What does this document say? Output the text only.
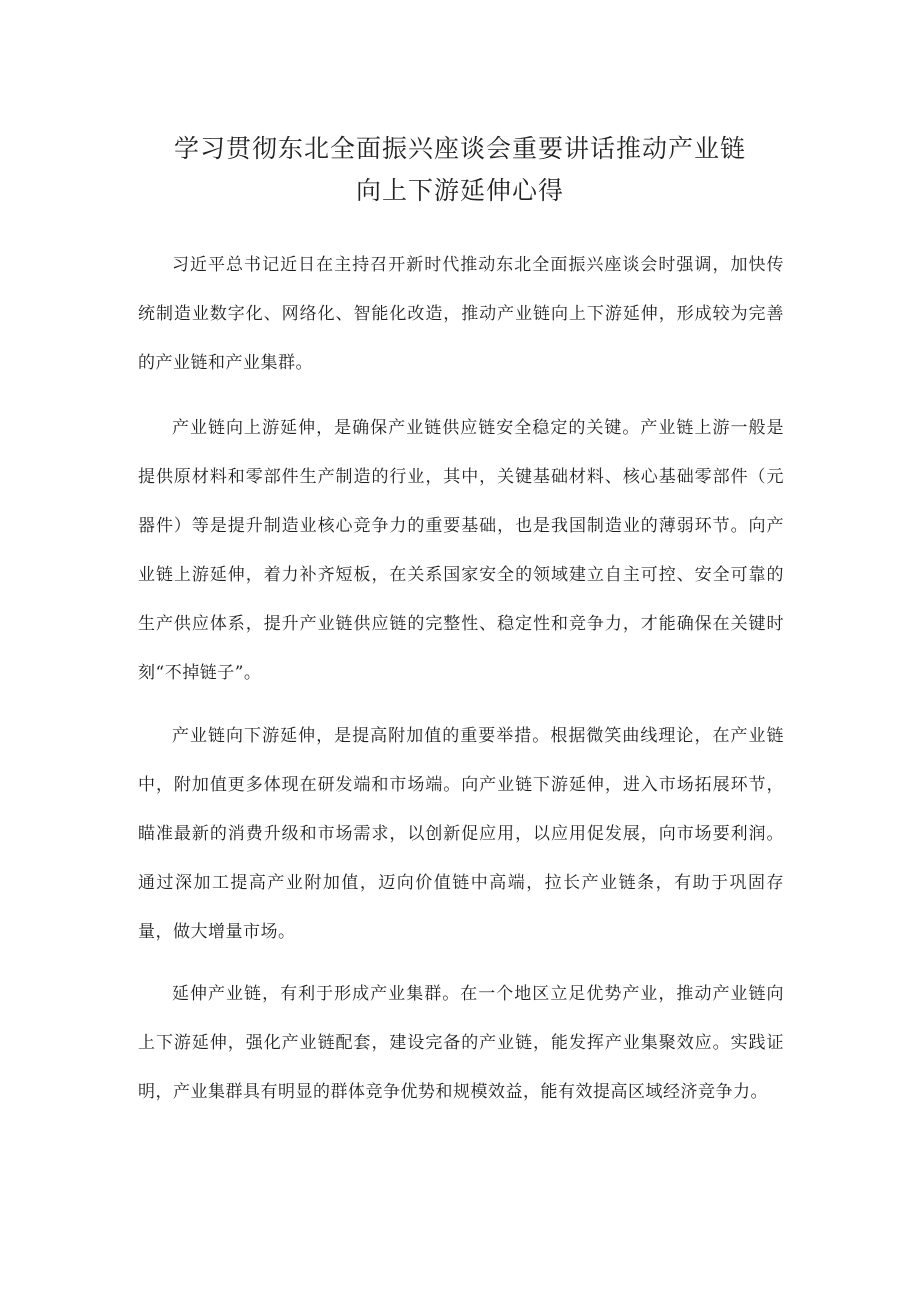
学习贯彻东北全面振兴座谈会重要讲话推动产业链
向上下游延伸心得
习近平总书记近日在主持召开新时代推动东北全面振兴座谈会时强调，加快传统制造业数字化、网络化、智能化改造，推动产业链向上下游延伸，形成较为完善的产业链和产业集群。
产业链向上游延伸，是确保产业链供应链安全稳定的关键。产业链上游一般是提供原材料和零部件生产制造的行业，其中，关键基础材料、核心基础零部件（元器件）等是提升制造业核心竞争力的重要基础，也是我国制造业的薄弱环节。向产业链上游延伸，着力补齐短板，在关系国家安全的领域建立自主可控、安全可靠的生产供应体系，提升产业链供应链的完整性、稳定性和竞争力，才能确保在关键时刻“不掉链子”。
产业链向下游延伸，是提高附加值的重要举措。根据微笑曲线理论，在产业链中，附加值更多体现在研发端和市场端。向产业链下游延伸，进入市场拓展环节，瞄准最新的消费升级和市场需求，以创新促应用，以应用促发展，向市场要利润。通过深加工提高产业附加值，迈向价值链中高端，拉长产业链条，有助于巩固存量，做大增量市场。
延伸产业链，有利于形成产业集群。在一个地区立足优势产业，推动产业链向上下游延伸，强化产业链配套，建设完备的产业链，能发挥产业集聚效应。实践证明，产业集群具有明显的群体竞争优势和规模效益，能有效提高区域经济竞争力。
